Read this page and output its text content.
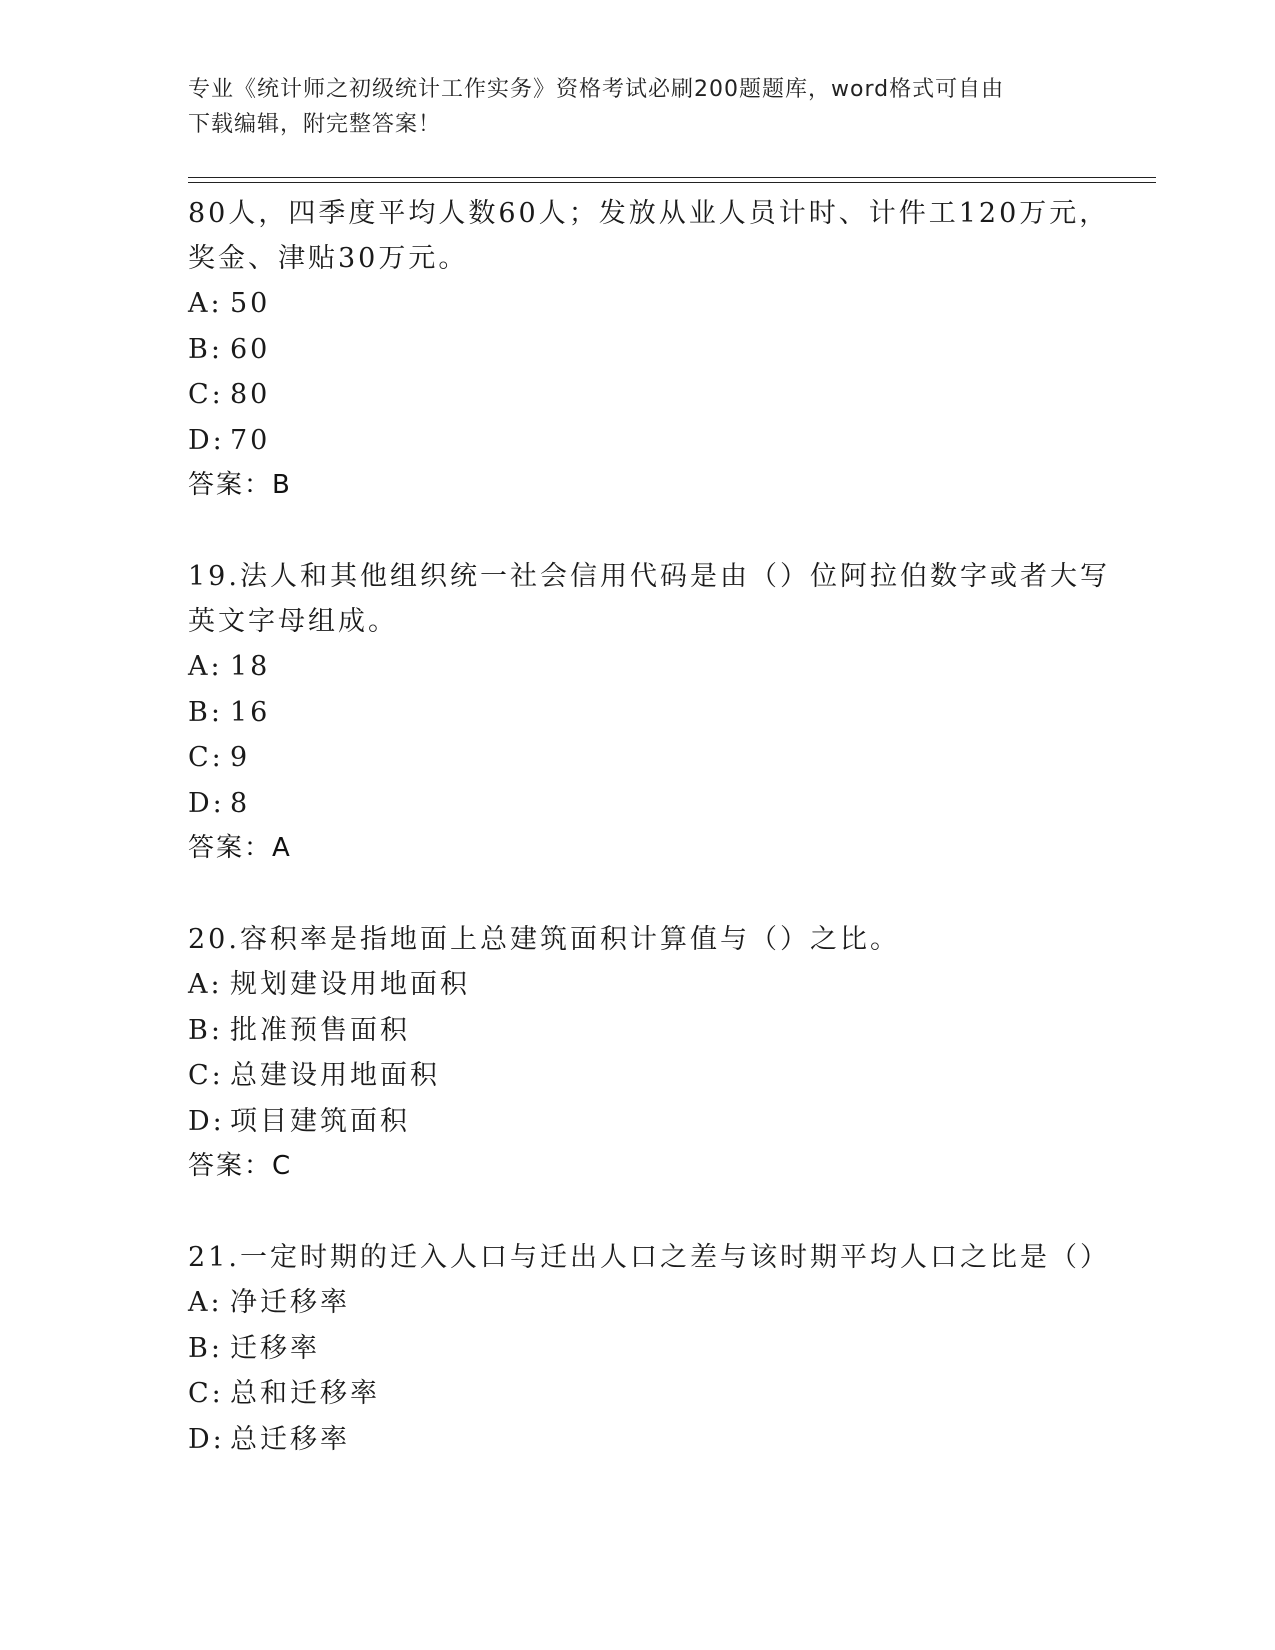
专业《统计师之初级统计工作实务》资格考试必刷200题题库，word格式可自由
下载编辑，附完整答案！
80人，四季度平均人数60人；发放从业人员计时、计件工120万元，
奖金、津贴30万元。
A: 50
B: 60
C: 80
D: 70
答案：B
19.法人和其他组织统一社会信用代码是由（）位阿拉伯数字或者大写
英文字母组成。
A: 18
B: 16
C: 9
D: 8
答案：A
20.容积率是指地面上总建筑面积计算值与（）之比。
A: 规划建设用地面积
B: 批准预售面积
C: 总建设用地面积
D: 项目建筑面积
答案：C
21.一定时期的迁入人口与迁出人口之差与该时期平均人口之比是（）
A: 净迁移率
B: 迁移率
C: 总和迁移率
D: 总迁移率
